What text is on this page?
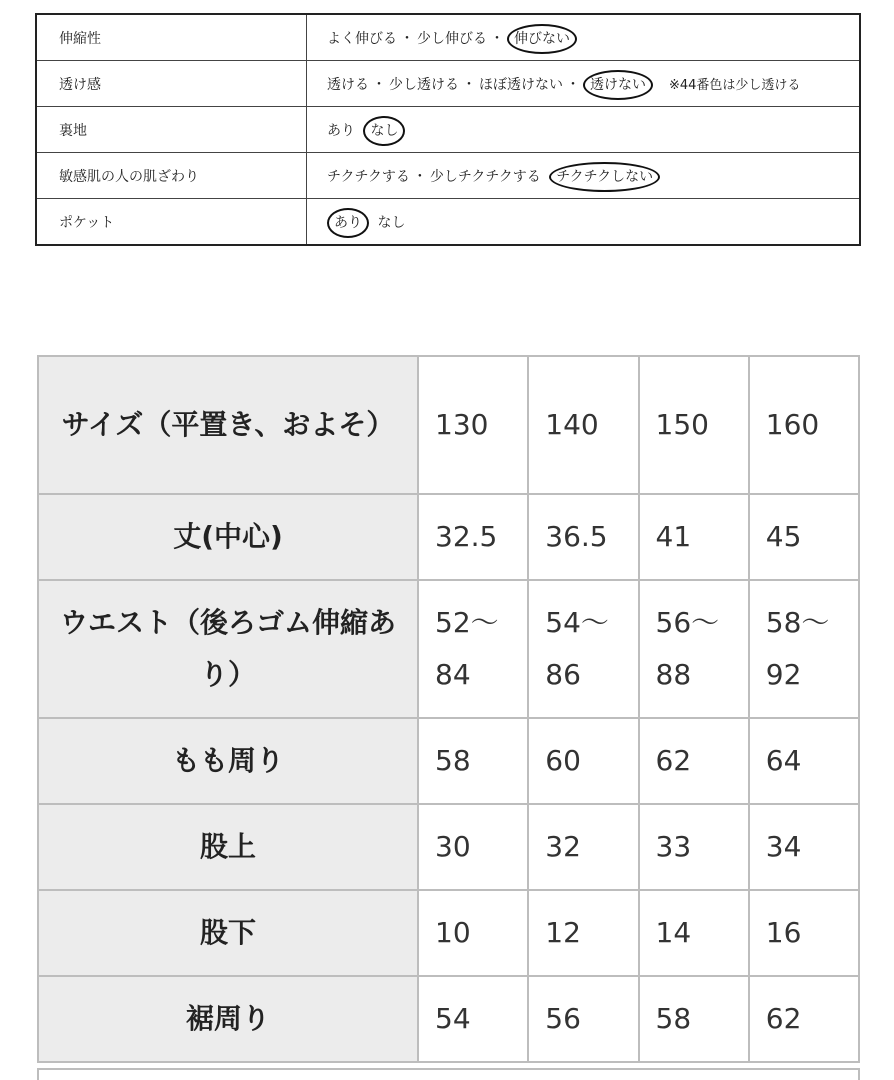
伸縮性	よく伸びる ・ 少し伸びる ・ 伸びない
透け感	透ける ・ 少し透ける ・ ほぼ透けない ・ 透けない ※44番色は少し透ける
裏地	あり なし
敏感肌の人の肌ざわり	チクチクする ・ 少しチクチクする チクチクしない
ポケット	あり なし
サイズ（平置き、およそ）	130	140	150	160
丈(中心)	32.5	36.5	41	45
ウエスト（後ろゴム伸縮あり）	52〜84	54〜86	56〜88	58〜92
もも周り	58	60	62	64
股上	30	32	33	34
股下	10	12	14	16
裾周り	54	56	58	62
